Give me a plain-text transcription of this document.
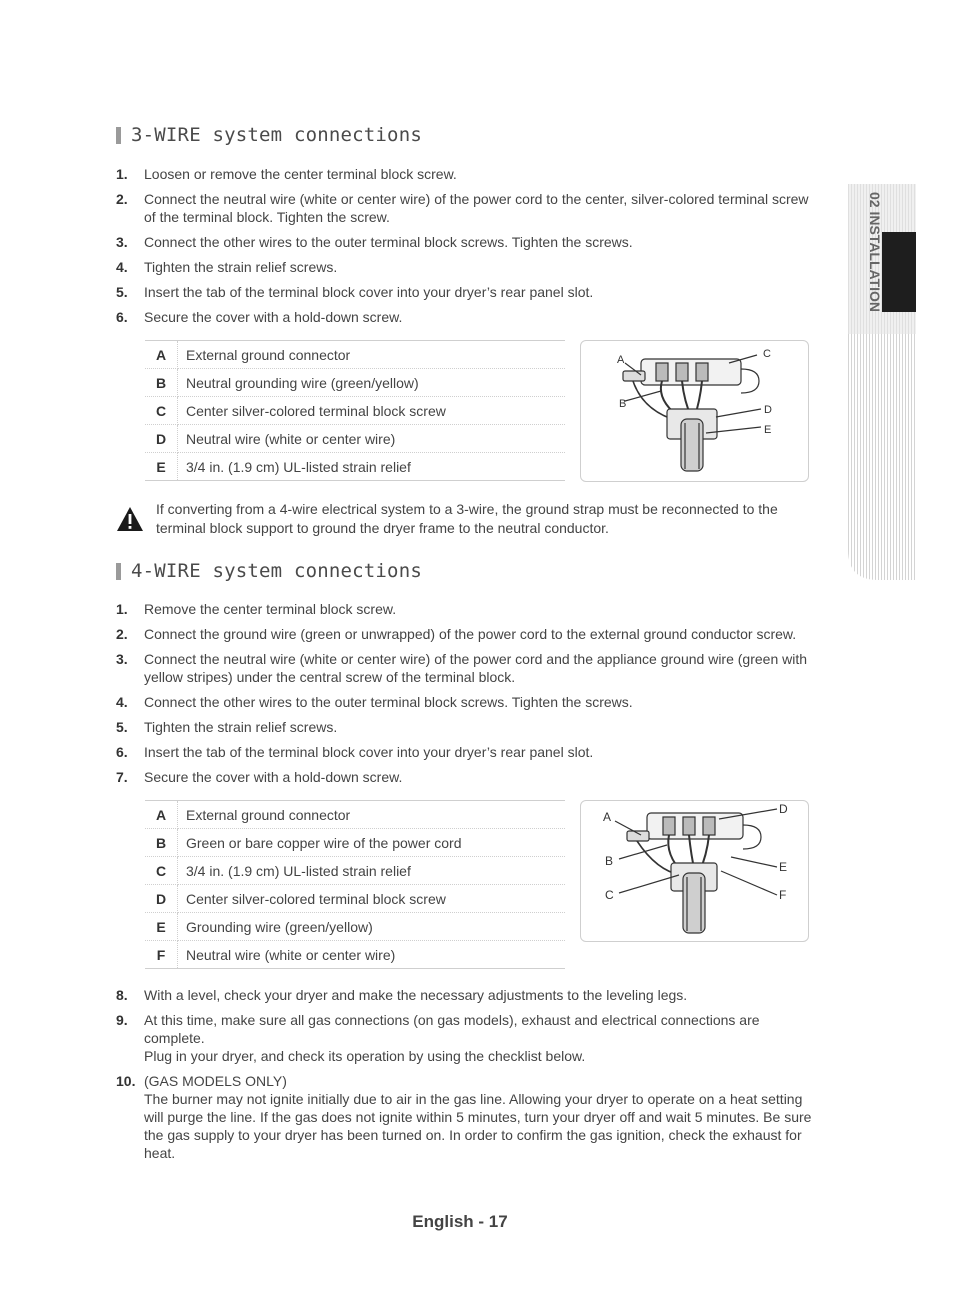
02 INSTALLATION
3-WIRE system connections
1. Loosen or remove the center terminal block screw.
2. Connect the neutral wire (white or center wire) of the power cord to the center, silver-colored terminal screw
of the terminal block. Tighten the screw.
3. Connect the other wires to the outer terminal block screws. Tighten the screws.
4. Tighten the strain relief screws.
5. Insert the tab of the terminal block cover into your dryer’s rear panel slot.
6. Secure the cover with a hold-down screw.
A	External ground connector
B	Neutral grounding wire (green/yellow)
C	Center silver-colored terminal block screw
D	Neutral wire (white or center wire)
E	3/4 in. (1.9 cm) UL-listed strain relief
A
B
C
D
E

If converting from a 4-wire electrical system to a 3-wire, the ground strap must be reconnected to the
terminal block support to ground the dryer frame to the neutral conductor.

4-WIRE system connections
1. Remove the center terminal block screw.
2. Connect the ground wire (green or unwrapped) of the power cord to the external ground conductor screw.
3. Connect the neutral wire (white or center wire) of the power cord and the appliance ground wire (green with
yellow stripes) under the central screw of the terminal block.
4. Connect the other wires to the outer terminal block screws. Tighten the screws.
5. Tighten the strain relief screws.
6. Insert the tab of the terminal block cover into your dryer’s rear panel slot.
7. Secure the cover with a hold-down screw.
A	External ground connector
B	Green or bare copper wire of the power cord
C	3/4 in. (1.9 cm) UL-listed strain relief
D	Center silver-colored terminal block screw
E	Grounding wire (green/yellow)
F	Neutral wire (white or center wire)
A
B
C
D
E
F
8. With a level, check your dryer and make the necessary adjustments to the leveling legs.
9. At this time, make sure all gas connections (on gas models), exhaust and electrical connections are complete.
Plug in your dryer, and check its operation by using the checklist below.
10. (GAS MODELS ONLY)
The burner may not ignite initially due to air in the gas line. Allowing your dryer to operate on a heat setting
will purge the line. If the gas does not ignite within 5 minutes, turn your dryer off and wait 5 minutes. Be sure
the gas supply to your dryer has been turned on. In order to confirm the gas ignition, check the exhaust for
heat.
English - 17
